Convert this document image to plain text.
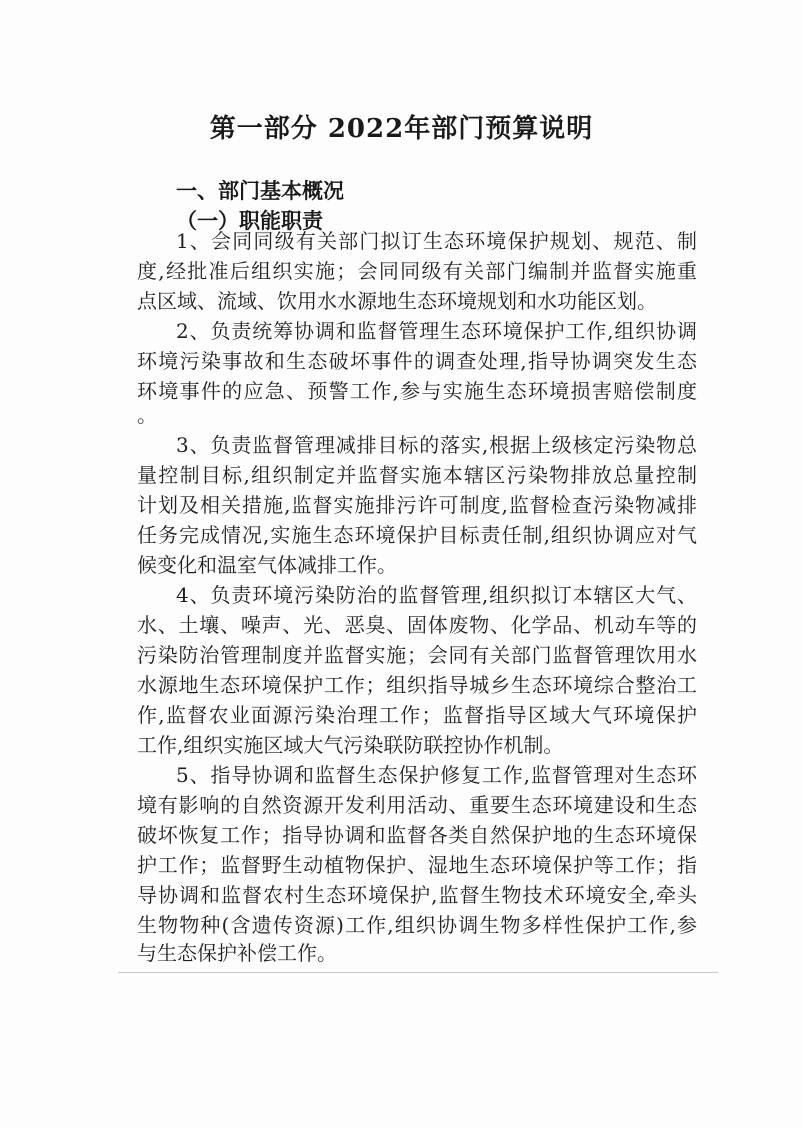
第一部分 2022年部门预算说明
一、部门基本概况
（一）职能职责
1、会同同级有关部门拟订生态环境保护规划、规范、制
度,经批准后组织实施；会同同级有关部门编制并监督实施重
点区域、流域、饮用水水源地生态环境规划和水功能区划。
2、负责统筹协调和监督管理生态环境保护工作,组织协调
环境污染事故和生态破坏事件的调查处理,指导协调突发生态
环境事件的应急、预警工作,参与实施生态环境损害赔偿制度
。
3、负责监督管理减排目标的落实,根据上级核定污染物总
量控制目标,组织制定并监督实施本辖区污染物排放总量控制
计划及相关措施,监督实施排污许可制度,监督检查污染物减排
任务完成情况,实施生态环境保护目标责任制,组织协调应对气
候变化和温室气体减排工作。
4、负责环境污染防治的监督管理,组织拟订本辖区大气、
水、土壤、噪声、光、恶臭、固体废物、化学品、机动车等的
污染防治管理制度并监督实施；会同有关部门监督管理饮用水
水源地生态环境保护工作；组织指导城乡生态环境综合整治工
作,监督农业面源污染治理工作；监督指导区域大气环境保护
工作,组织实施区域大气污染联防联控协作机制。
5、指导协调和监督生态保护修复工作,监督管理对生态环
境有影响的自然资源开发利用活动、重要生态环境建设和生态
破坏恢复工作；指导协调和监督各类自然保护地的生态环境保
护工作；监督野生动植物保护、湿地生态环境保护等工作；指
导协调和监督农村生态环境保护,监督生物技术环境安全,牵头
生物物种(含遗传资源)工作,组织协调生物多样性保护工作,参
与生态保护补偿工作。
